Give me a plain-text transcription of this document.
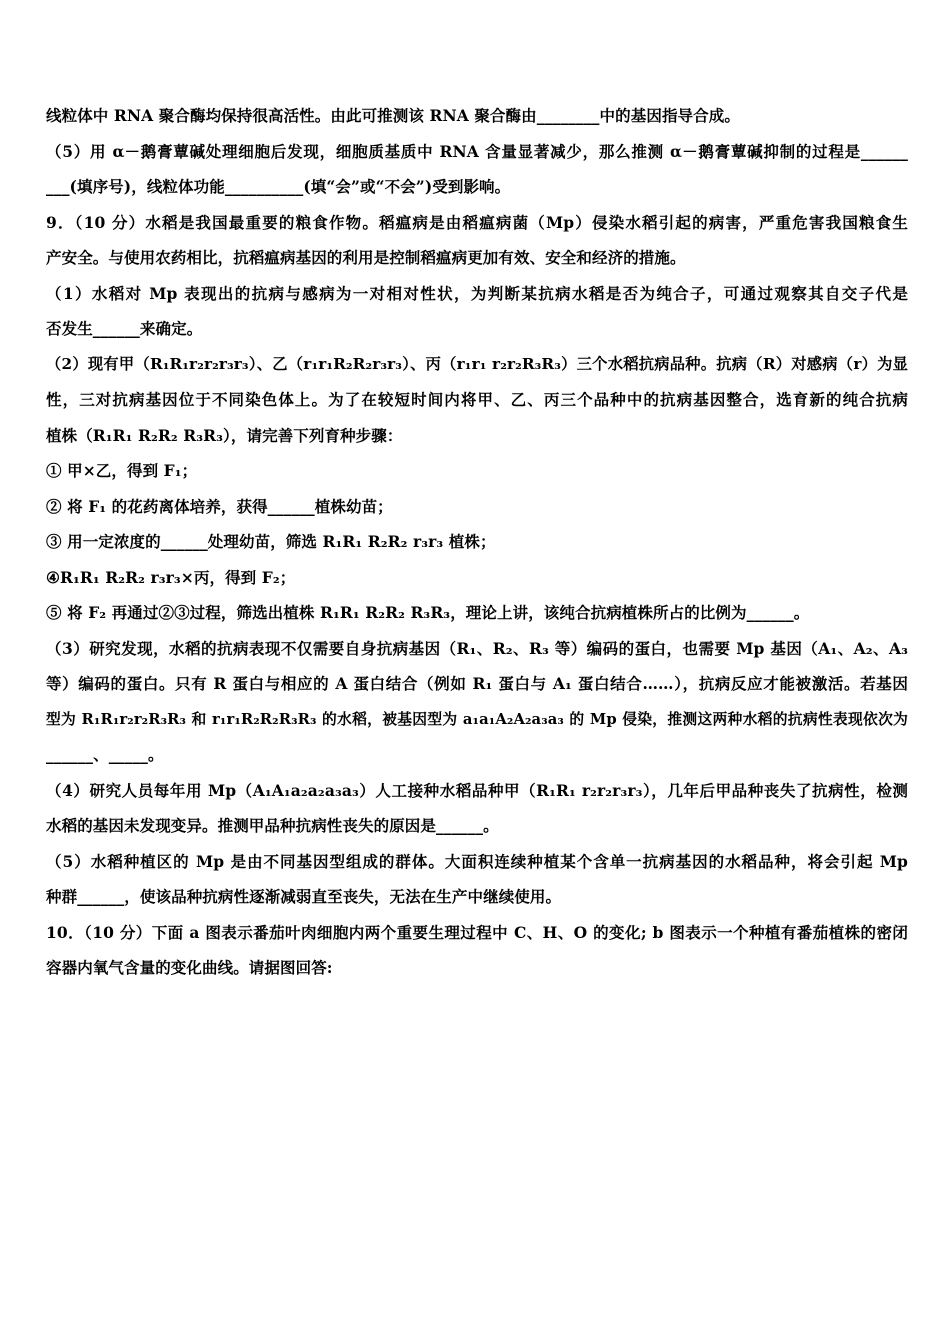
线粒体中 RNA 聚合酶均保持很高活性。由此可推测该 RNA 聚合酶由________中的基因指导合成。
（5）用 α－鹅膏蕈碱处理细胞后发现，细胞质基质中 RNA 含量显著减少，那么推测 α－鹅膏蕈碱抑制的过程是______
___(填序号)，线粒体功能__________(填“会”或“不会”)受到影响。
9．（10 分）水稻是我国最重要的粮食作物。稻瘟病是由稻瘟病菌（Mp）侵染水稻引起的病害，严重危害我国粮食生
产安全。与使用农药相比，抗稻瘟病基因的利用是控制稻瘟病更加有效、安全和经济的措施。
（1）水稻对 Mp 表现出的抗病与感病为一对相对性状，为判断某抗病水稻是否为纯合子，可通过观察其自交子代是
否发生______来确定。
（2）现有甲（R₁R₁r₂r₂r₃r₃）、乙（r₁r₁R₂R₂r₃r₃）、丙（r₁r₁ r₂r₂R₃R₃）三个水稻抗病品种。抗病（R）对感病（r）为显
性，三对抗病基因位于不同染色体上。为了在较短时间内将甲、乙、丙三个品种中的抗病基因整合，选育新的纯合抗病
植株（R₁R₁ R₂R₂ R₃R₃），请完善下列育种步骤：
① 甲×乙，得到 F₁；
② 将 F₁ 的花药离体培养，获得______植株幼苗；
③ 用一定浓度的______处理幼苗，筛选 R₁R₁ R₂R₂ r₃r₃ 植株；
④R₁R₁ R₂R₂ r₃r₃×丙，得到 F₂；
⑤ 将 F₂ 再通过②③过程，筛选出植株 R₁R₁ R₂R₂ R₃R₃，理论上讲，该纯合抗病植株所占的比例为______。
（3）研究发现，水稻的抗病表现不仅需要自身抗病基因（R₁、R₂、R₃ 等）编码的蛋白，也需要 Mp 基因（A₁、A₂、A₃
等）编码的蛋白。只有 R 蛋白与相应的 A 蛋白结合（例如 R₁ 蛋白与 A₁ 蛋白结合……），抗病反应才能被激活。若基因
型为 R₁R₁r₂r₂R₃R₃ 和 r₁r₁R₂R₂R₃R₃ 的水稻，被基因型为 a₁a₁A₂A₂a₃a₃ 的 Mp 侵染，推测这两种水稻的抗病性表现依次为
______、_____。
（4）研究人员每年用 Mp（A₁A₁a₂a₂a₃a₃）人工接种水稻品种甲（R₁R₁ r₂r₂r₃r₃），几年后甲品种丧失了抗病性，检测
水稻的基因未发现变异。推测甲品种抗病性丧失的原因是______。
（5）水稻种植区的 Mp 是由不同基因型组成的群体。大面积连续种植某个含单一抗病基因的水稻品种，将会引起 Mp
种群______，使该品种抗病性逐渐减弱直至丧失，无法在生产中继续使用。
10．（10 分）下面 a 图表示番茄叶肉细胞内两个重要生理过程中 C、H、O 的变化; b 图表示一个种植有番茄植株的密闭
容器内氧气含量的变化曲线。请据图回答:
